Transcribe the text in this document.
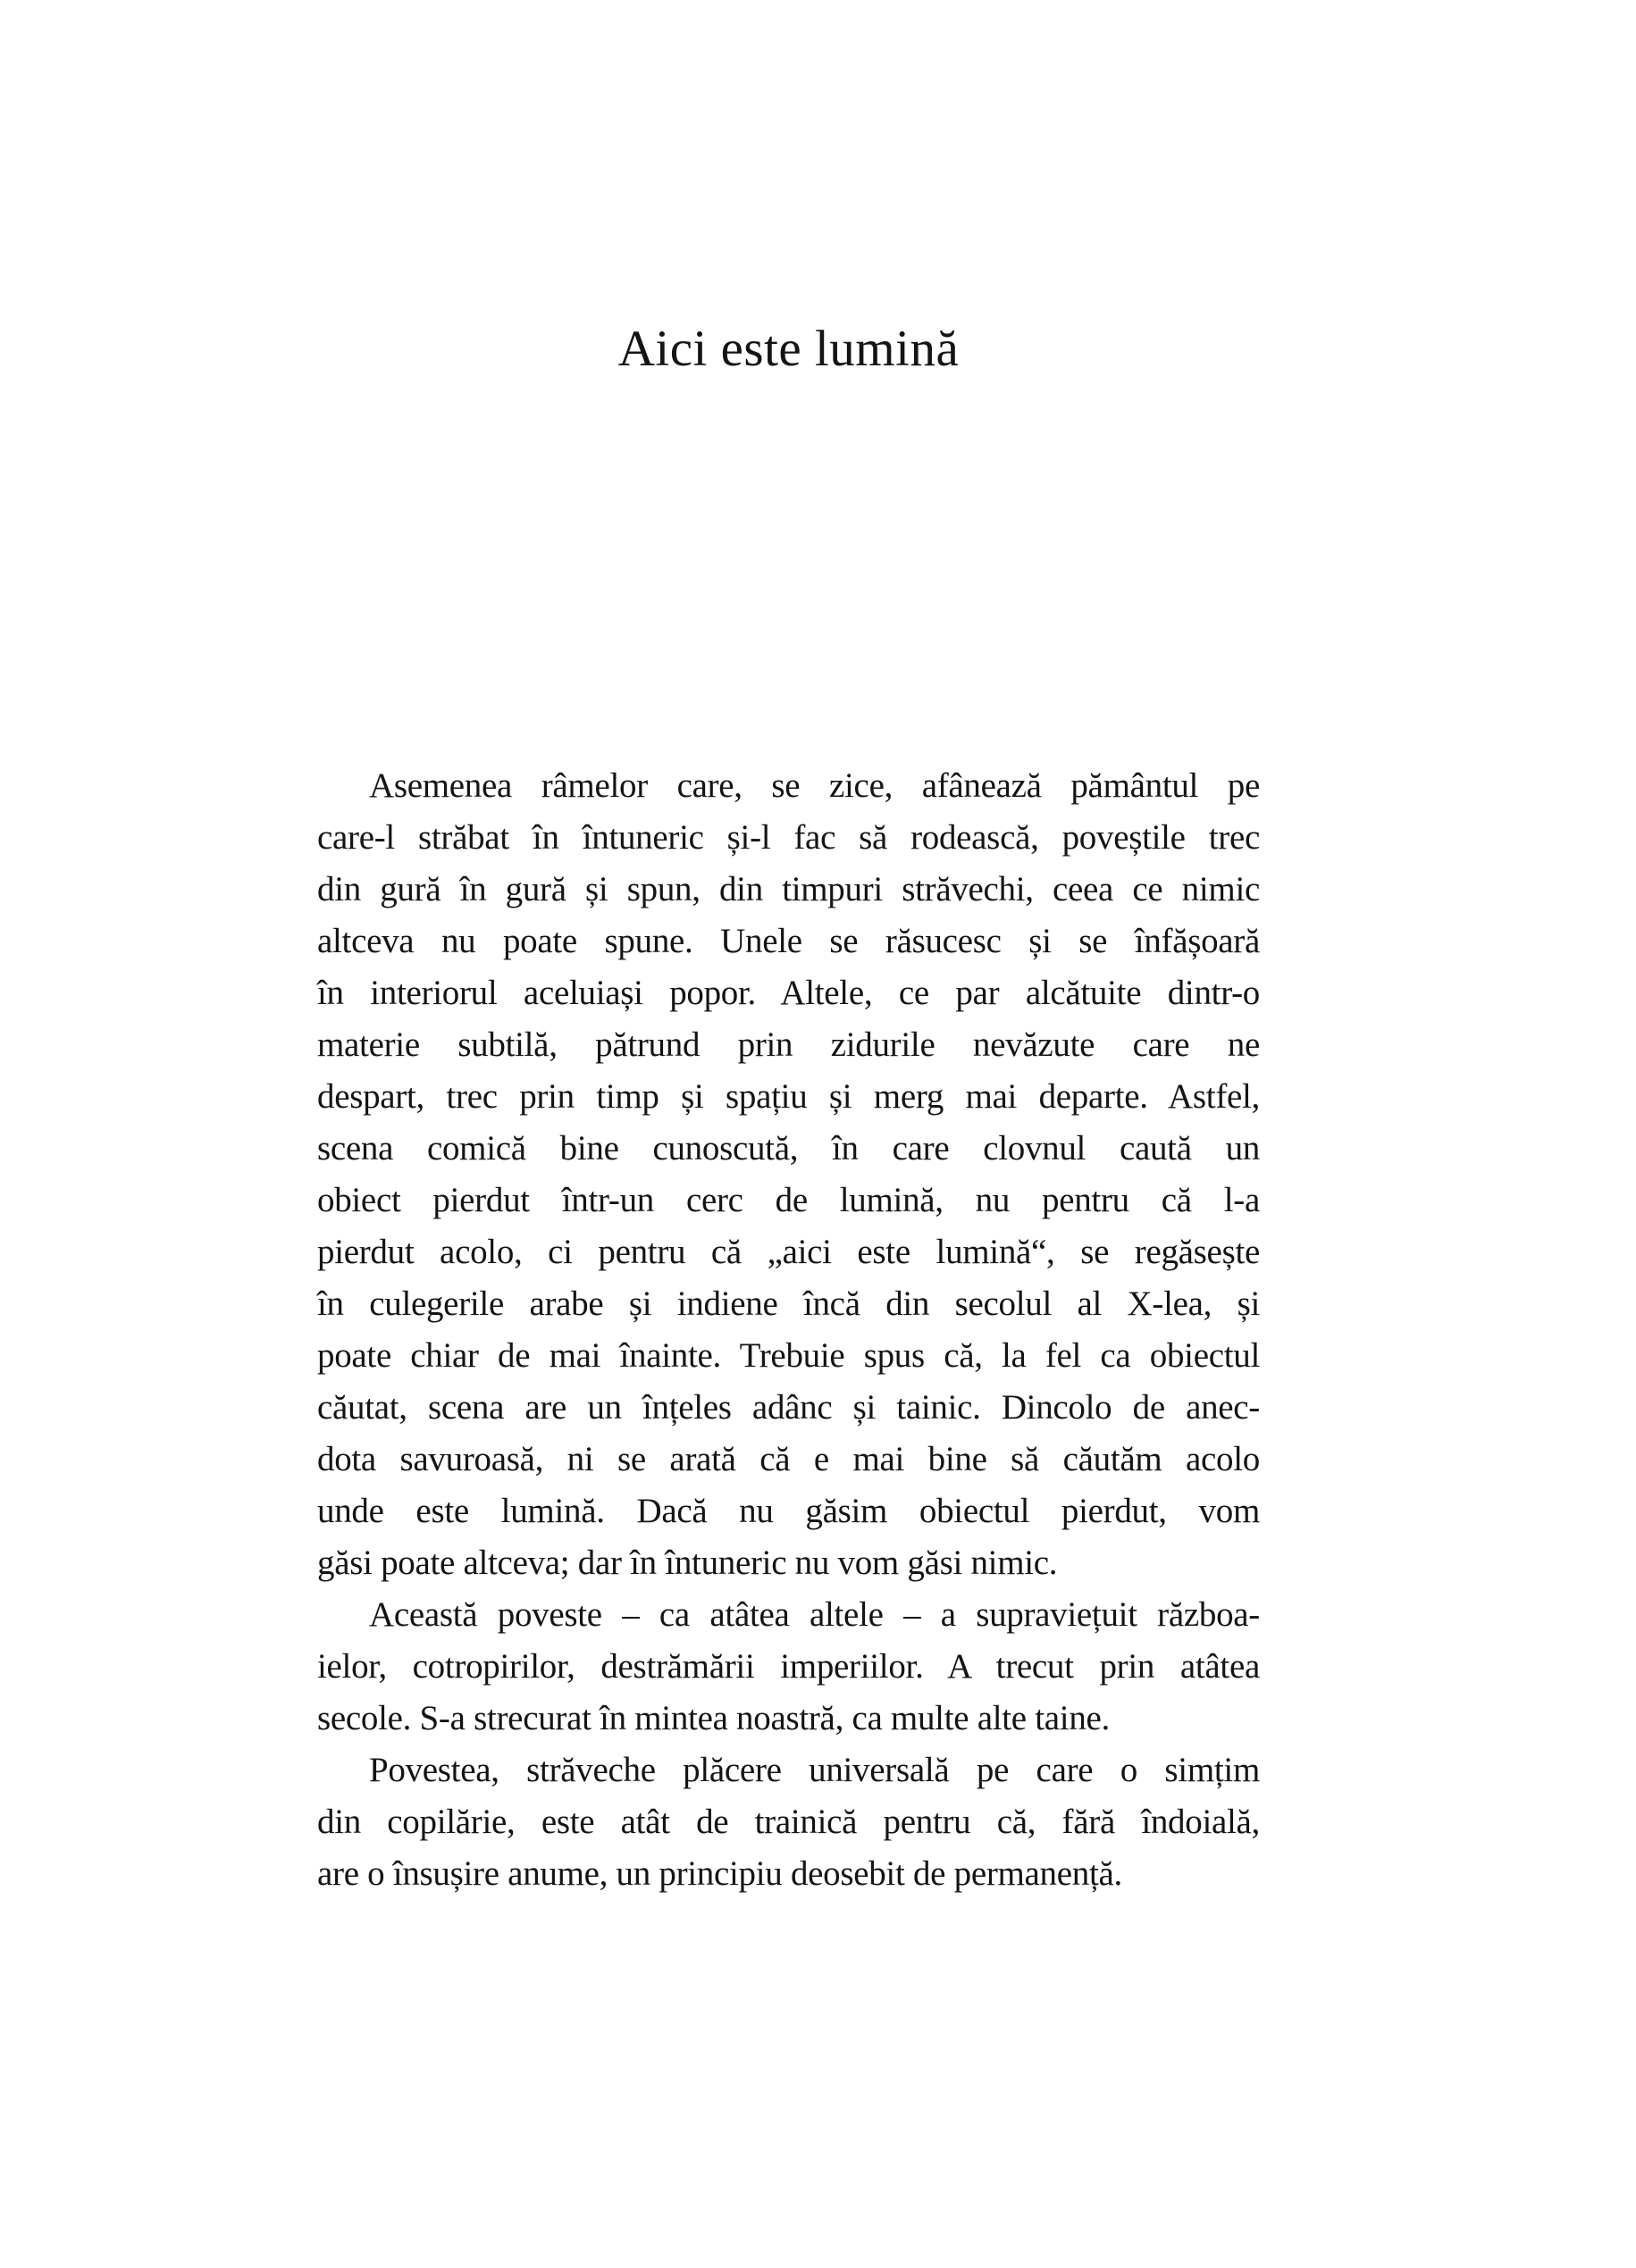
Aici este lumină
Asemenea râmelor care, se zice, afânează pământul pe
care-l străbat în întuneric și-l fac să rodească, poveștile trec
din gură în gură și spun, din timpuri străvechi, ceea ce nimic
altceva nu poate spune. Unele se răsucesc și se înfășoară
în interiorul aceluiași popor. Altele, ce par alcătuite dintr-o
materie subtilă, pătrund prin zidurile nevăzute care ne
despart, trec prin timp și spațiu și merg mai departe. Astfel,
scena comică bine cunoscută, în care clovnul caută un
obiect pierdut într-un cerc de lumină, nu pentru că l-a
pierdut acolo, ci pentru că „aici este lumină“, se regăsește
în culegerile arabe și indiene încă din secolul al X-lea, și
poate chiar de mai înainte. Trebuie spus că, la fel ca obiectul
căutat, scena are un înțeles adânc și tainic. Dincolo de anec-
dota savuroasă, ni se arată că e mai bine să căutăm acolo
unde este lumină. Dacă nu găsim obiectul pierdut, vom
găsi poate altceva; dar în întuneric nu vom găsi nimic.
Această poveste – ca atâtea altele – a supraviețuit războa-
ielor, cotropirilor, destrămării imperiilor. A trecut prin atâtea
secole. S-a strecurat în mintea noastră, ca multe alte taine.
Povestea, străveche plăcere universală pe care o simțim
din copilărie, este atât de trainică pentru că, fără îndoială,
are o însușire anume, un principiu deosebit de permanență.
